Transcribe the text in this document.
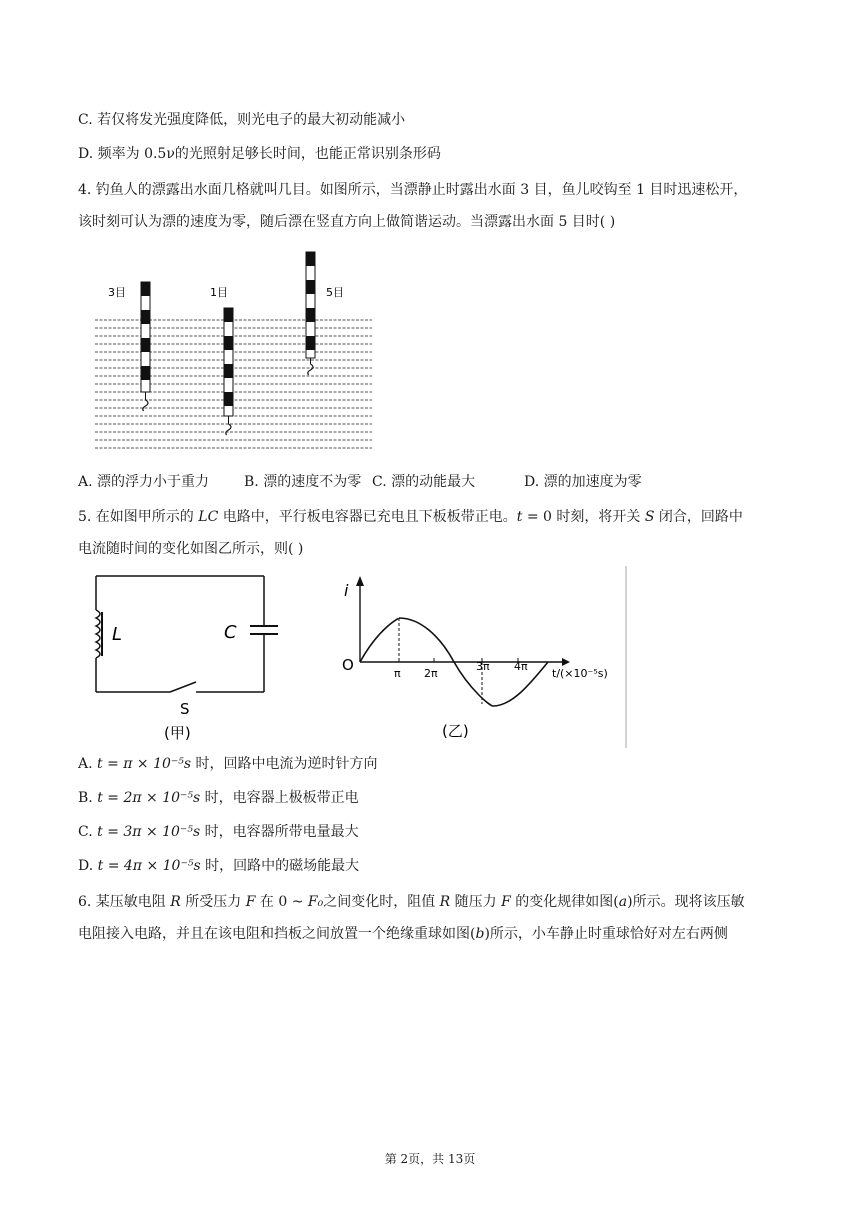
C. 若仅将发光强度降低，则光电子的最大初动能减小
D. 频率为 0.5ν的光照射足够长时间，也能正常识别条形码
4. 钓鱼人的漂露出水面几格就叫几目。如图所示，当漂静止时露出水面 3 目，鱼儿咬钩至 1 目时迅速松开，
该时刻可认为漂的速度为零，随后漂在竖直方向上做简谐运动。当漂露出水面 5 目时( )
3目	1目	5目
A. 漂的浮力小于重力 B. 漂的速度不为零 C. 漂的动能最大	D. 漂的加速度为零
5. 在如图甲所示的 LC 电路中，平行板电容器已充电且下板板带正电。t = 0 时刻，将开关 S 闭合，回路中
电流随时间的变化如图乙所示，则( )
L	C
S
(甲)
i
O	π 2π
3π 4π
t/(×10⁻⁵s)
(乙)
A. t = π × 10⁻⁵s 时，回路中电流为逆时针方向
B. t = 2π × 10⁻⁵s 时，电容器上极板带正电
C. t = 3π × 10⁻⁵s 时，电容器所带电量最大
D. t = 4π × 10⁻⁵s 时，回路中的磁场能最大
6. 某压敏电阻 R 所受压力 F 在 0 ~ F₀之间变化时，阻值 R 随压力 F 的变化规律如图(a)所示。现将该压敏
电阻接入电路，并且在该电阻和挡板之间放置一个绝缘重球如图(b)所示，小车静止时重球恰好对左右两侧
第 2页，共 13页
